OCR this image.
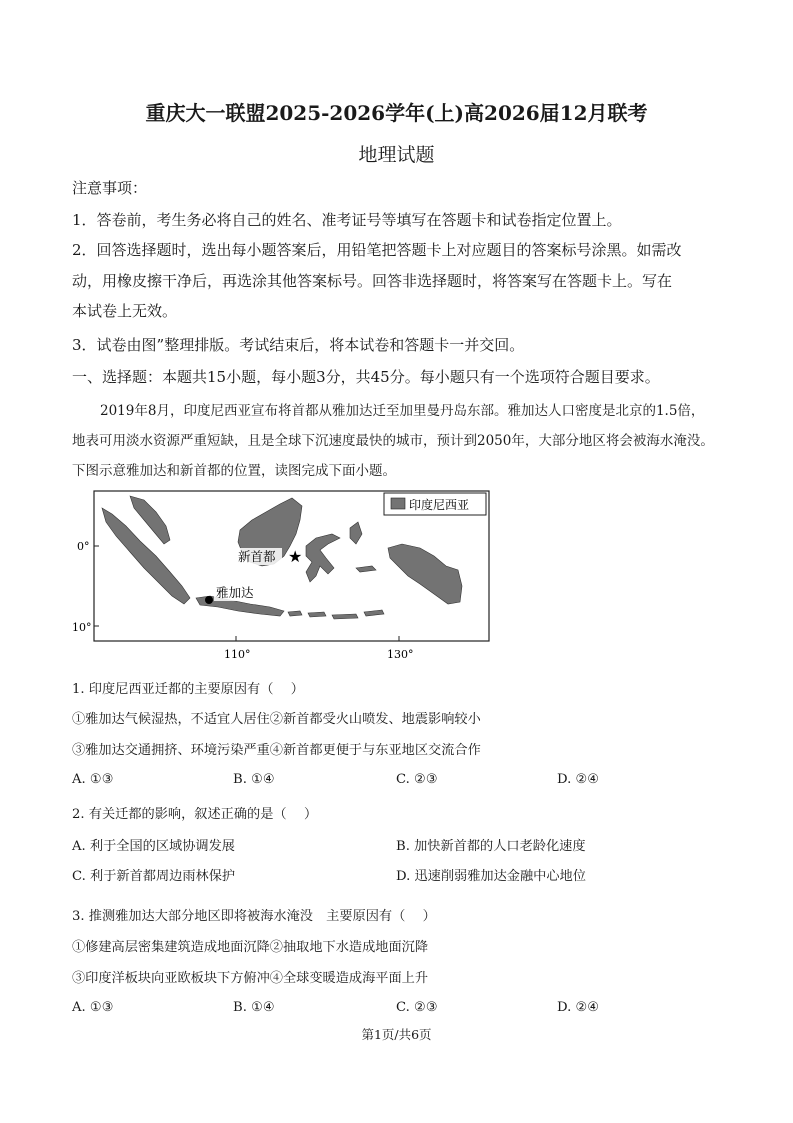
重庆大一联盟2025-2026学年(上)高2026届12月联考
地理试题
注意事项：
1．答卷前，考生务必将自己的姓名、准考证号等填写在答题卡和试卷指定位置上。
2．回答选择题时，选出每小题答案后，用铅笔把答题卡上对应题目的答案标号涂黑。如需改
动，用橡皮擦干净后，再选涂其他答案标号。回答非选择题时，将答案写在答题卡上。写在
本试卷上无效。
3．试卷由图”整理排版。考试结束后，将本试卷和答题卡一并交回。
一、选择题：本题共15小题，每小题3分，共45分。每小题只有一个选项符合题目要求。
2019年8月，印度尼西亚宣布将首都从雅加达迁至加里曼丹岛东部。雅加达人口密度是北京的1.5倍，
地表可用淡水资源严重短缺，且是全球下沉速度最快的城市，预计到2050年，大部分地区将会被海水淹没。
下图示意雅加达和新首都的位置，读图完成下面小题。
0°
10°
110°	130°
印度尼西亚
★
新首都
雅加达
1. 印度尼西亚迁都的主要原因有（　 ）
①雅加达气候湿热，不适宜人居住②新首都受火山喷发、地震影响较小
③雅加达交通拥挤、环境污染严重④新首都更便于与东亚地区交流合作
A. ①③	B. ①④	C. ②③	D. ②④
2. 有关迁都的影响，叙述正确的是（　 ）
A. 利于全国的区域协调发展	B. 加快新首都的人口老龄化速度
C. 利于新首都周边雨林保护	D. 迅速削弱雅加达金融中心地位
3. 推测雅加达大部分地区即将被海水淹没　主要原因有（　 ）
①修建高层密集建筑造成地面沉降②抽取地下水造成地面沉降
③印度洋板块向亚欧板块下方俯冲④全球变暖造成海平面上升
A. ①③	B. ①④	C. ②③	D. ②④
第1页/共6页
